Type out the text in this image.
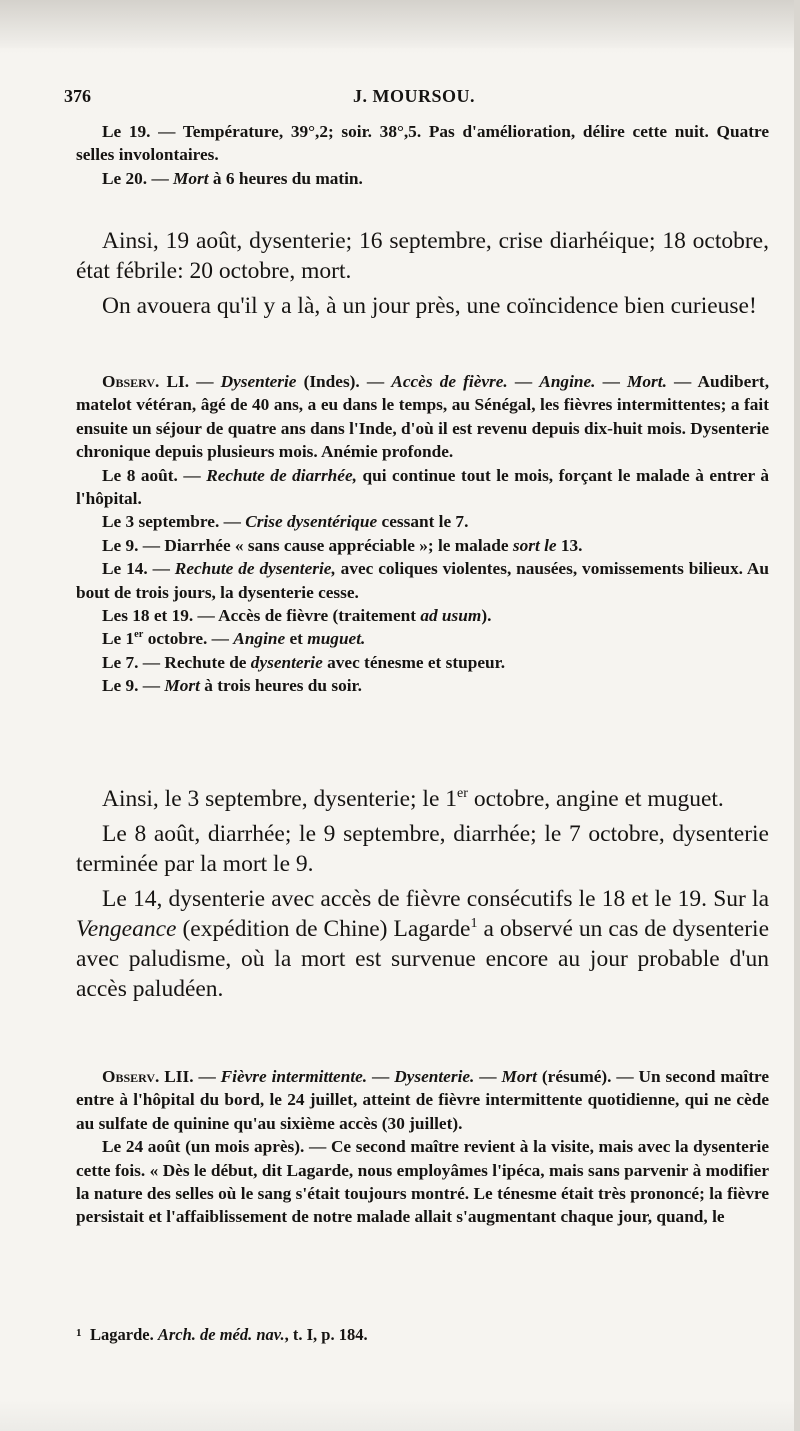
376	J. MOURSOU.

Le 19. — Température, 39°,2; soir. 38°,5. Pas d'amélioration, délire cette nuit. Quatre selles involontaires.

Le 20. — Mort à 6 heures du matin.

Ainsi, 19 août, dysenterie; 16 septembre, crise diarhéique; 18 octobre, état fébrile: 20 octobre, mort.

On avouera qu'il y a là, à un jour près, une coïncidence bien curieuse!

Observ. LI. — Dysenterie (Indes). — Accès de fièvre. — Angine. — Mort. — Audibert, matelot vétéran, âgé de 40 ans, a eu dans le temps, au Sénégal, les fièvres intermittentes; a fait ensuite un séjour de quatre ans dans l'Inde, d'où il est revenu depuis dix-huit mois. Dysenterie chronique depuis plusieurs mois. Anémie profonde.

Le 8 août. — Rechute de diarrhée, qui continue tout le mois, forçant le malade à entrer à l'hôpital.

Le 3 septembre. — Crise dysentérique cessant le 7.

Le 9. — Diarrhée « sans cause appréciable »; le malade sort le 13.

Le 14. — Rechute de dysenterie, avec coliques violentes, nausées, vomissements bilieux. Au bout de trois jours, la dysenterie cesse.

Les 18 et 19. — Accès de fièvre (traitement ad usum).

Le 1er octobre. — Angine et muguet.

Le 7. — Rechute de dysenterie avec ténesme et stupeur.

Le 9. — Mort à trois heures du soir.

Ainsi, le 3 septembre, dysenterie; le 1er octobre, angine et muguet.

Le 8 août, diarrhée; le 9 septembre, diarrhée; le 7 octobre, dysenterie terminée par la mort le 9.

Le 14, dysenterie avec accès de fièvre consécutifs le 18 et le 19. Sur la Vengeance (expédition de Chine) Lagarde$^1$ a observé un cas de dysenterie avec paludisme, où la mort est survenue encore au jour probable d'un accès paludéen.

Observ. LII. — Fièvre intermittente. — Dysenterie. — Mort (résumé). — Un second maître entre à l'hôpital du bord, le 24 juillet, atteint de fièvre intermittente quotidienne, qui ne cède au sulfate de quinine qu'au sixième accès (30 juillet).

Le 24 août (un mois après). — Ce second maître revient à la visite, mais avec la dysenterie cette fois. « Dès le début, dit Lagarde, nous employâmes l'ipéca, mais sans parvenir à modifier la nature des selles où le sang s'était toujours montré. Le ténesme était très prononcé; la fièvre persistait et l'affaiblissement de notre malade allait s'augmentant chaque jour, quand, le

1 Lagarde. Arch. de méd. nav., t. I, p. 184.
